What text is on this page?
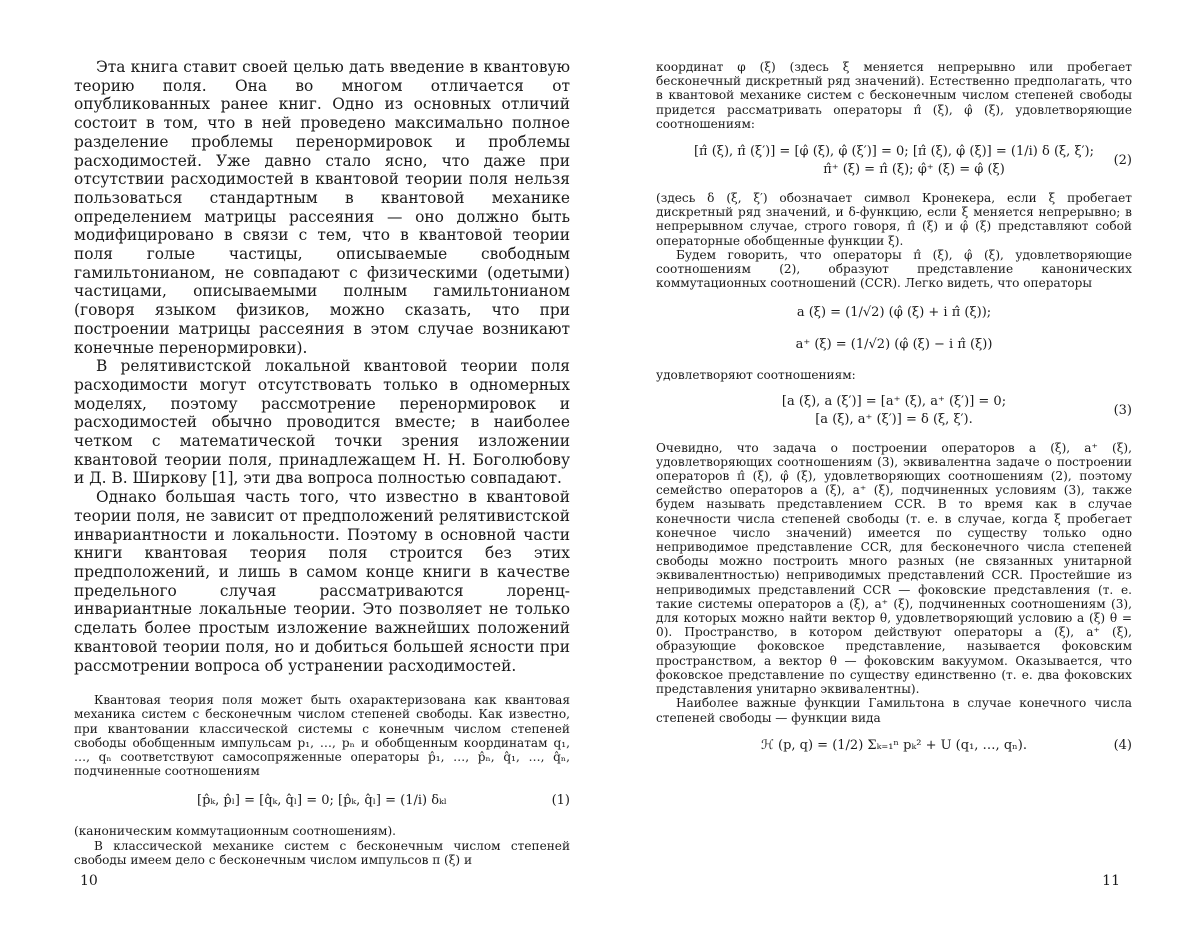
Эта книга ставит своей целью дать введение в квантовую теорию поля. Она во многом отличается от опубликованных ранее книг. Одно из основных отличий состоит в том, что в ней проведено максимально полное разделение проблемы перенормировок и проблемы расходимостей. Уже давно стало ясно, что даже при отсутствии расходимостей в квантовой теории поля нельзя пользоваться стандартным в квантовой механике определением матрицы рассеяния — оно должно быть модифицировано в связи с тем, что в квантовой теории поля голые частицы, описываемые свободным гамильтонианом, не совпадают с физическими (одетыми) частицами, описываемыми полным гамильтонианом (говоря языком физиков, можно сказать, что при построении матрицы рассеяния в этом случае возникают конечные перенормировки).

В релятивистской локальной квантовой теории поля расходимости могут отсутствовать только в одномерных моделях, поэтому рассмотрение перенормировок и расходимостей обычно проводится вместе; в наиболее четком с математической точки зрения изложении квантовой теории поля, принадлежащем Н. Н. Боголюбову и Д. В. Ширкову [1], эти два вопроса полностью совпадают.

Однако большая часть того, что известно в квантовой теории поля, не зависит от предположений релятивистской инвариантности и локальности. Поэтому в основной части книги квантовая теория поля строится без этих предположений, и лишь в самом конце книги в качестве предельного случая рассматриваются лоренц-инвариантные локальные теории. Это позволяет не только сделать более простым изложение важнейших положений квантовой теории поля, но и добиться большей ясности при рассмотрении вопроса об устранении расходимостей.

Квантовая теория поля может быть охарактеризована как квантовая механика систем с бесконечным числом степеней свободы. Как известно, при квантовании классической системы с конечным числом степеней свободы обобщенным импульсам p₁, …, pₙ и обобщенным координатам q₁, …, qₙ соответствуют самосопряженные операторы p̂₁, …, p̂ₙ, q̂₁, …, q̂ₙ, подчиненные соотношениям

[p̂ₖ, p̂ₗ] = [q̂ₖ, q̂ₗ] = 0; [p̂ₖ, q̂ₗ] = (1/i) δₖₗ	(1)

(каноническим коммутационным соотношениям).

В классической механике систем с бесконечным числом степеней свободы имеем дело с бесконечным числом импульсов π (ξ) и

10

координат φ (ξ) (здесь ξ меняется непрерывно или пробегает бесконечный дискретный ряд значений). Естественно предполагать, что в квантовой механике систем с бесконечным числом степеней свободы придется рассматривать операторы π̂ (ξ), φ̂ (ξ), удовлетворяющие соотношениям:

[π̂ (ξ), π̂ (ξ′)] = [φ̂ (ξ), φ̂ (ξ′)] = 0; [π̂ (ξ), φ̂ (ξ)] = (1/i) δ (ξ, ξ′);
π̂⁺ (ξ) = π̂ (ξ); φ̂⁺ (ξ) = φ̂ (ξ)
(2)

(здесь δ (ξ, ξ′) обозначает символ Кронекера, если ξ пробегает дискретный ряд значений, и δ-функцию, если ξ меняется непрерывно; в непрерывном случае, строго говоря, π̂ (ξ) и φ̂ (ξ) представляют собой операторные обобщенные функции ξ).

Будем говорить, что операторы π̂ (ξ), φ̂ (ξ), удовлетворяющие соотношениям (2), образуют представление канонических коммутационных соотношений (CCR). Легко видеть, что операторы

a (ξ) = (1/√2) (φ̂ (ξ) + i π̂ (ξ));
a⁺ (ξ) = (1/√2) (φ̂ (ξ) − i π̂ (ξ))

удовлетворяют соотношениям:

[a (ξ), a (ξ′)] = [a⁺ (ξ), a⁺ (ξ′)] = 0;
[a (ξ), a⁺ (ξ′)] = δ (ξ, ξ′).
(3)

Очевидно, что задача о построении операторов a (ξ), a⁺ (ξ), удовлетворяющих соотношениям (3), эквивалентна задаче о построении операторов π̂ (ξ), φ̂ (ξ), удовлетворяющих соотношениям (2), поэтому семейство операторов a (ξ), a⁺ (ξ), подчиненных условиям (3), также будем называть представлением CCR. В то время как в случае конечности числа степеней свободы (т. е. в случае, когда ξ пробегает конечное число значений) имеется по существу только одно неприводимое представление CCR, для бесконечного числа степеней свободы можно построить много разных (не связанных унитарной эквивалентностью) неприводимых представлений CCR. Простейшие из неприводимых представлений CCR — фоковские представления (т. е. такие системы операторов a (ξ), a⁺ (ξ), подчиненных соотношениям (3), для которых можно найти вектор θ, удовлетворяющий условию a (ξ) θ = 0). Пространство, в котором действуют операторы a (ξ), a⁺ (ξ), образующие фоковское представление, называется фоковским пространством, а вектор θ — фоковским вакуумом. Оказывается, что фоковское представление по существу единственно (т. е. два фоковских представления унитарно эквивалентны).

Наиболее важные функции Гамильтона в случае конечного числа степеней свободы — функции вида

ℋ (p, q) = (1/2) Σₖ₌₁ⁿ pₖ² + U (q₁, …, qₙ).	(4)
11
